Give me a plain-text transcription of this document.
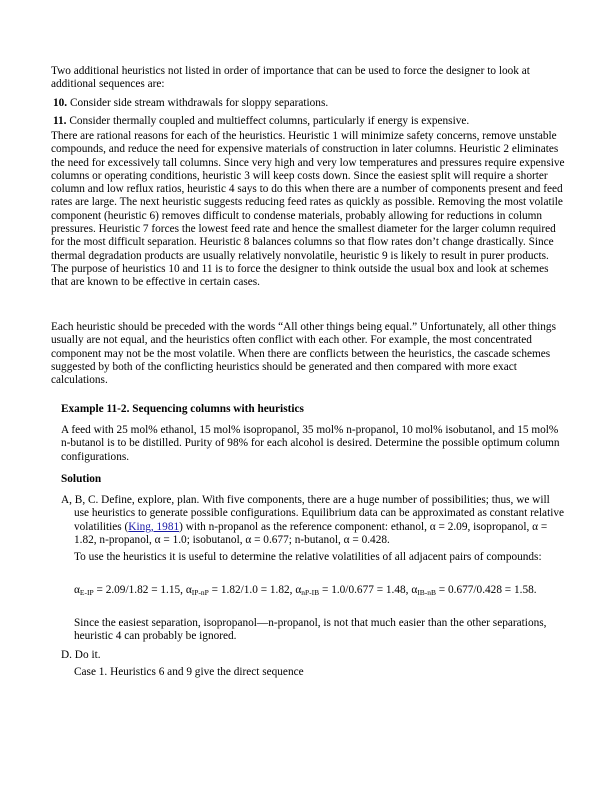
Two additional heuristics not listed in order of importance that can be used to force the designer to look at additional sequences are:

10. Consider side stream withdrawals for sloppy separations.

11. Consider thermally coupled and multieffect columns, particularly if energy is expensive.

There are rational reasons for each of the heuristics. Heuristic 1 will minimize safety concerns, remove unstable compounds, and reduce the need for expensive materials of construction in later columns. Heuristic 2 eliminates the need for excessively tall columns. Since very high and very low temperatures and pressures require expensive columns or operating conditions, heuristic 3 will keep costs down. Since the easiest split will require a shorter column and low reflux ratios, heuristic 4 says to do this when there are a number of components present and feed rates are large. The next heuristic suggests reducing feed rates as quickly as possible. Removing the most volatile component (heuristic 6) removes difficult to condense materials, probably allowing for reductions in column pressures. Heuristic 7 forces the lowest feed rate and hence the smallest diameter for the larger column required for the most difficult separation. Heuristic 8 balances columns so that flow rates don’t change drastically. Since thermal degradation products are usually relatively nonvolatile, heuristic 9 is likely to result in purer products. The purpose of heuristics 10 and 11 is to force the designer to think outside the usual box and look at schemes that are known to be effective in certain cases.

Each heuristic should be preceded with the words “All other things being equal.” Unfortunately, all other things usually are not equal, and the heuristics often conflict with each other. For example, the most concentrated component may not be the most volatile. When there are conflicts between the heuristics, the cascade schemes suggested by both of the conflicting heuristics should be generated and then compared with more exact calculations.

Example 11-2. Sequencing columns with heuristics

A feed with 25 mol% ethanol, 15 mol% isopropanol, 35 mol% n-propanol, 10 mol% isobutanol, and 15 mol% n-butanol is to be distilled. Purity of 98% for each alcohol is desired. Determine the possible optimum column configurations.

Solution

A, B, C. Define, explore, plan. With five components, there are a huge number of possibilities; thus, we will use heuristics to generate possible configurations. Equilibrium data can be approximated as constant relative volatilities (King, 1981) with n-propanol as the reference component: ethanol, α = 2.09, isopropanol, α = 1.82, n-propanol, α = 1.0; isobutanol, α = 0.677; n-butanol, α = 0.428.

To use the heuristics it is useful to determine the relative volatilities of all adjacent pairs of compounds:

$\alpha_{E-IP} = 2.09/1.82 = 1.15$, $\alpha_{IP-nP} = 1.82/1.0 = 1.82$, $\alpha_{nP-IB} = 1.0/0.677 = 1.48$, $\alpha_{IB-nB} = 0.677/0.428 = 1.58$.

Since the easiest separation, isopropanol—n-propanol, is not that much easier than the other separations, heuristic 4 can probably be ignored.

D. Do it.

Case 1. Heuristics 6 and 9 give the direct sequence
